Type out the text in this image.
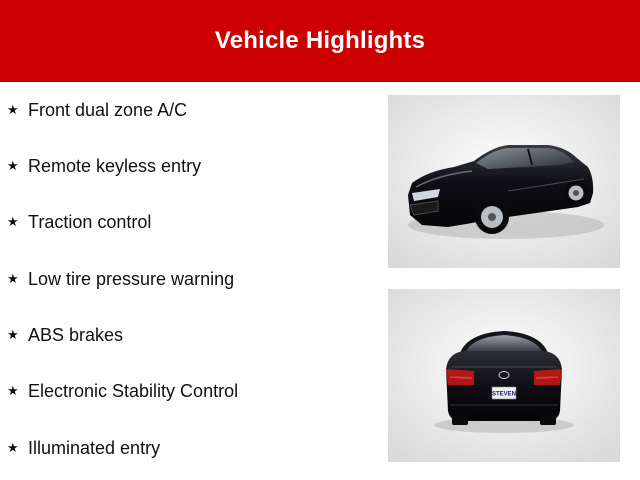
Vehicle Highlights
★ Front dual zone A/C
★ Remote keyless entry
★ Traction control
★ Low tire pressure warning
★ ABS brakes
★ Electronic Stability Control
★ Illuminated entry
STEVEN
